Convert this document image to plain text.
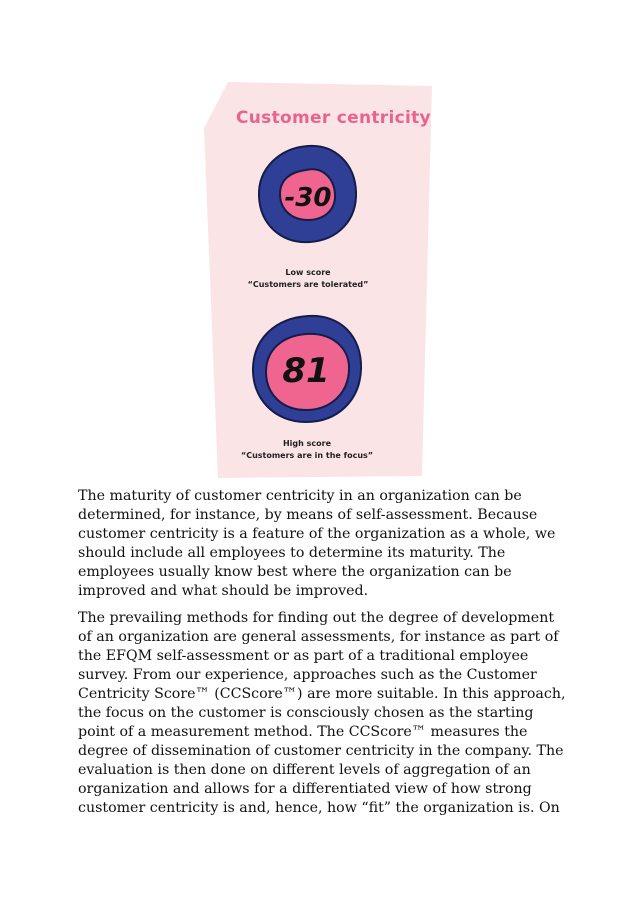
Customer centricity
-30
Low score
“Customers are tolerated”
81
High score
“Customers are in the focus”

The maturity of customer centricity in an organization can be determined, for instance, by means of self-assessment. Because customer centricity is a feature of the organization as a whole, we should include all employees to determine its maturity. The employees usually know best where the organization can be improved and what should be improved.

The prevailing methods for finding out the degree of development of an organization are general assessments, for instance as part of the EFQM self-assessment or as part of a traditional employee survey. From our experience, approaches such as the Customer Centricity Score™ (CCScore™) are more suitable. In this approach, the focus on the customer is consciously chosen as the starting point of a measurement method. The CCScore™ measures the degree of dissemination of customer centricity in the company. The evaluation is then done on different levels of aggregation of an organization and allows for a differentiated view of how strong customer centricity is and, hence, how “fit” the organization is. On
